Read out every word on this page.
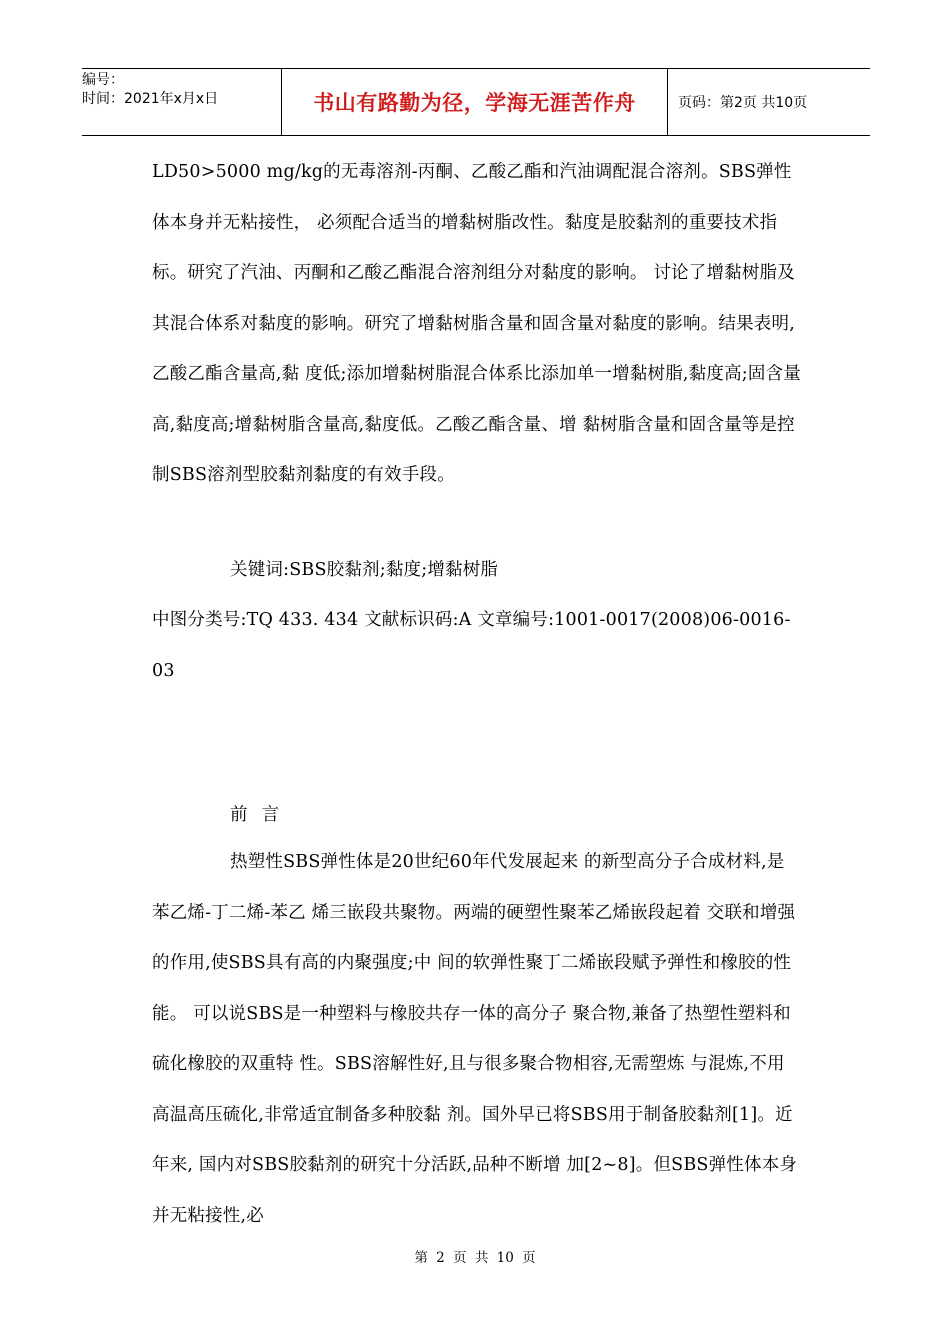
编号：
时间：2021年x月x日	书山有路勤为径，学海无涯苦作舟	页码：第2页 共10页

LD50>5000 mg/kg的无毒溶剂-丙酮、乙酸乙酯和汽油调配混合溶剂。SBS弹性体本身并无粘接性， 必须配合适当的增黏树脂改性。黏度是胶黏剂的重要技术指标。研究了汽油、丙酮和乙酸乙酯混合溶剂组分对黏度的影响。 讨论了增黏树脂及其混合体系对黏度的影响。研究了增黏树脂含量和固含量对黏度的影响。结果表明,乙酸乙酯含量高,黏 度低;添加增黏树脂混合体系比添加单一增黏树脂,黏度高;固含量高,黏度高;增黏树脂含量高,黏度低。乙酸乙酯含量、增 黏树脂含量和固含量等是控制SBS溶剂型胶黏剂黏度的有效手段。

关键词:SBS胶黏剂;黏度;增黏树脂

中图分类号:TQ 433. 434 文献标识码:A 文章编号:1001-0017(2008)06-0016-03

前言

热塑性SBS弹性体是20世纪60年代发展起来 的新型高分子合成材料,是苯乙烯-丁二烯-苯乙 烯三嵌段共聚物。两端的硬塑性聚苯乙烯嵌段起着 交联和增强的作用,使SBS具有高的内聚强度;中 间的软弹性聚丁二烯嵌段赋予弹性和橡胶的性能。 可以说SBS是一种塑料与橡胶共存一体的高分子 聚合物,兼备了热塑性塑料和硫化橡胶的双重特 性。SBS溶解性好,且与很多聚合物相容,无需塑炼 与混炼,不用高温高压硫化,非常适宜制备多种胶黏 剂。国外早已将SBS用于制备胶黏剂[1]。近年来, 国内对SBS胶黏剂的研究十分活跃,品种不断增 加[2~8]。但SBS弹性体本身并无粘接性,必

第 2 页 共 10 页
